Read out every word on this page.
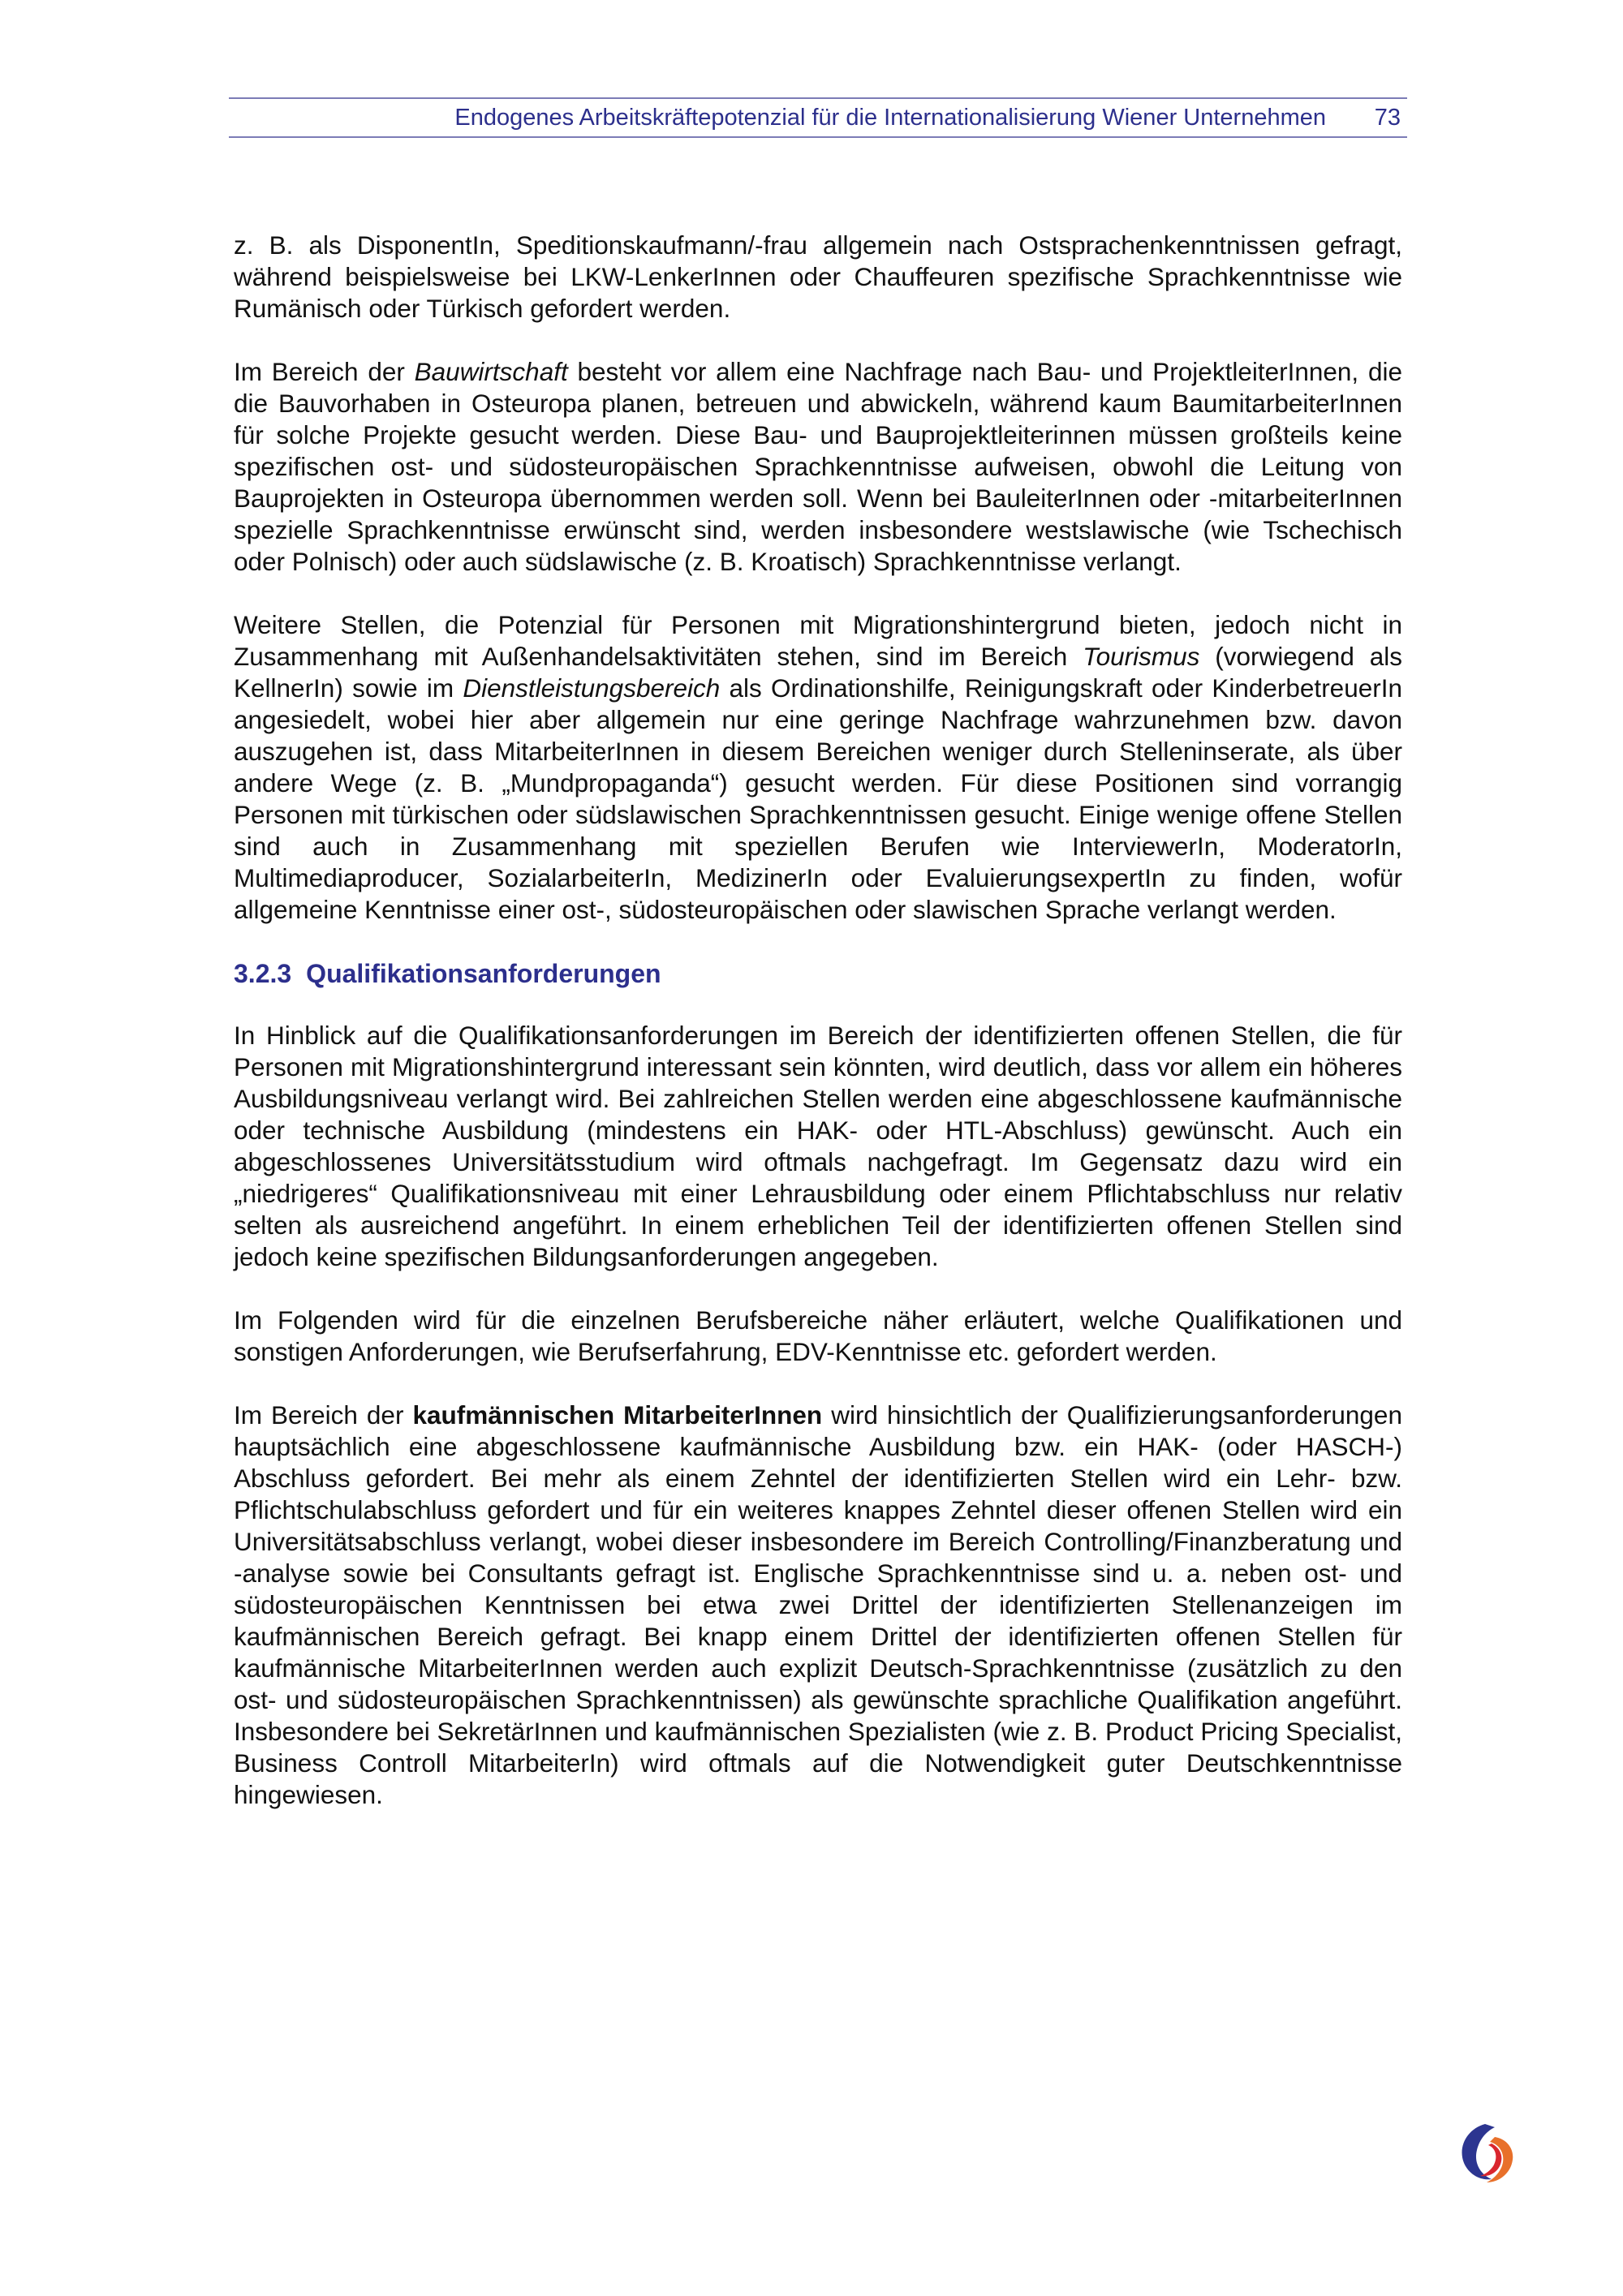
Endogenes Arbeitskräftepotenzial für die Internationalisierung Wiener Unternehmen 73

z. B. als DisponentIn, Speditionskaufmann/-frau allgemein nach Ostsprachenkenntnissen gefragt, während beispielsweise bei LKW-LenkerInnen oder Chauffeuren spezifische Sprachkenntnisse wie Rumänisch oder Türkisch gefordert werden.

Im Bereich der Bauwirtschaft besteht vor allem eine Nachfrage nach Bau- und ProjektleiterInnen, die die Bauvorhaben in Osteuropa planen, betreuen und abwickeln, während kaum BaumitarbeiterInnen für solche Projekte gesucht werden. Diese Bau- und Bauprojektleiterinnen müssen großteils keine spezifischen ost- und südosteuropäischen Sprachkenntnisse aufweisen, obwohl die Leitung von Bauprojekten in Osteuropa übernommen werden soll. Wenn bei BauleiterInnen oder -mitarbeiterInnen spezielle Sprachkenntnisse erwünscht sind, werden insbesondere westslawische (wie Tschechisch oder Polnisch) oder auch südslawische (z. B. Kroatisch) Sprachkenntnisse verlangt.

Weitere Stellen, die Potenzial für Personen mit Migrationshintergrund bieten, jedoch nicht in Zusammenhang mit Außenhandelsaktivitäten stehen, sind im Bereich Tourismus (vorwiegend als KellnerIn) sowie im Dienstleistungsbereich als Ordinationshilfe, Reinigungskraft oder KinderbetreuerIn angesiedelt, wobei hier aber allgemein nur eine geringe Nachfrage wahrzunehmen bzw. davon auszugehen ist, dass MitarbeiterInnen in diesem Bereichen weniger durch Stelleninserate, als über andere Wege (z. B. „Mundpropaganda“) gesucht werden. Für diese Positionen sind vorrangig Personen mit türkischen oder südslawischen Sprachkenntnissen gesucht. Einige wenige offene Stellen sind auch in Zusammenhang mit speziellen Berufen wie InterviewerIn, ModeratorIn, Multimediaproducer, SozialarbeiterIn, MedizinerIn oder EvaluierungsexpertIn zu finden, wofür allgemeine Kenntnisse einer ost-, südosteuropäischen oder slawischen Sprache verlangt werden.

3.2.3 Qualifikationsanforderungen

In Hinblick auf die Qualifikationsanforderungen im Bereich der identifizierten offenen Stellen, die für Personen mit Migrationshintergrund interessant sein könnten, wird deutlich, dass vor allem ein höheres Ausbildungsniveau verlangt wird. Bei zahlreichen Stellen werden eine abgeschlossene kaufmännische oder technische Ausbildung (mindestens ein HAK- oder HTL-Abschluss) gewünscht. Auch ein abgeschlossenes Universitätsstudium wird oftmals nachgefragt. Im Gegensatz dazu wird ein „niedrigeres“ Qualifikationsniveau mit einer Lehrausbildung oder einem Pflichtabschluss nur relativ selten als ausreichend angeführt. In einem erheblichen Teil der identifizierten offenen Stellen sind jedoch keine spezifischen Bildungsanforderungen angegeben.

Im Folgenden wird für die einzelnen Berufsbereiche näher erläutert, welche Qualifikationen und sonstigen Anforderungen, wie Berufserfahrung, EDV-Kenntnisse etc. gefordert werden.

Im Bereich der kaufmännischen MitarbeiterInnen wird hinsichtlich der Qualifizierungsanforderungen hauptsächlich eine abgeschlossene kaufmännische Ausbildung bzw. ein HAK- (oder HASCH-) Abschluss gefordert. Bei mehr als einem Zehntel der identifizierten Stellen wird ein Lehr- bzw. Pflichtschulabschluss gefordert und für ein weiteres knappes Zehntel dieser offenen Stellen wird ein Universitätsabschluss verlangt, wobei dieser insbesondere im Bereich Controlling/Finanzberatung und -analyse sowie bei Consultants gefragt ist. Englische Sprachkenntnisse sind u. a. neben ost- und südosteuropäischen Kenntnissen bei etwa zwei Drittel der identifizierten Stellenanzeigen im kaufmännischen Bereich gefragt. Bei knapp einem Drittel der identifizierten offenen Stellen für kaufmännische MitarbeiterInnen werden auch explizit Deutsch-Sprachkenntnisse (zusätzlich zu den ost- und südosteuropäischen Sprachkenntnissen) als gewünschte sprachliche Qualifikation angeführt. Insbesondere bei SekretärInnen und kaufmännischen Spezialisten (wie z. B. Product Pricing Specialist, Business Controll MitarbeiterIn) wird oftmals auf die Notwendigkeit guter Deutschkenntnisse hingewiesen.
